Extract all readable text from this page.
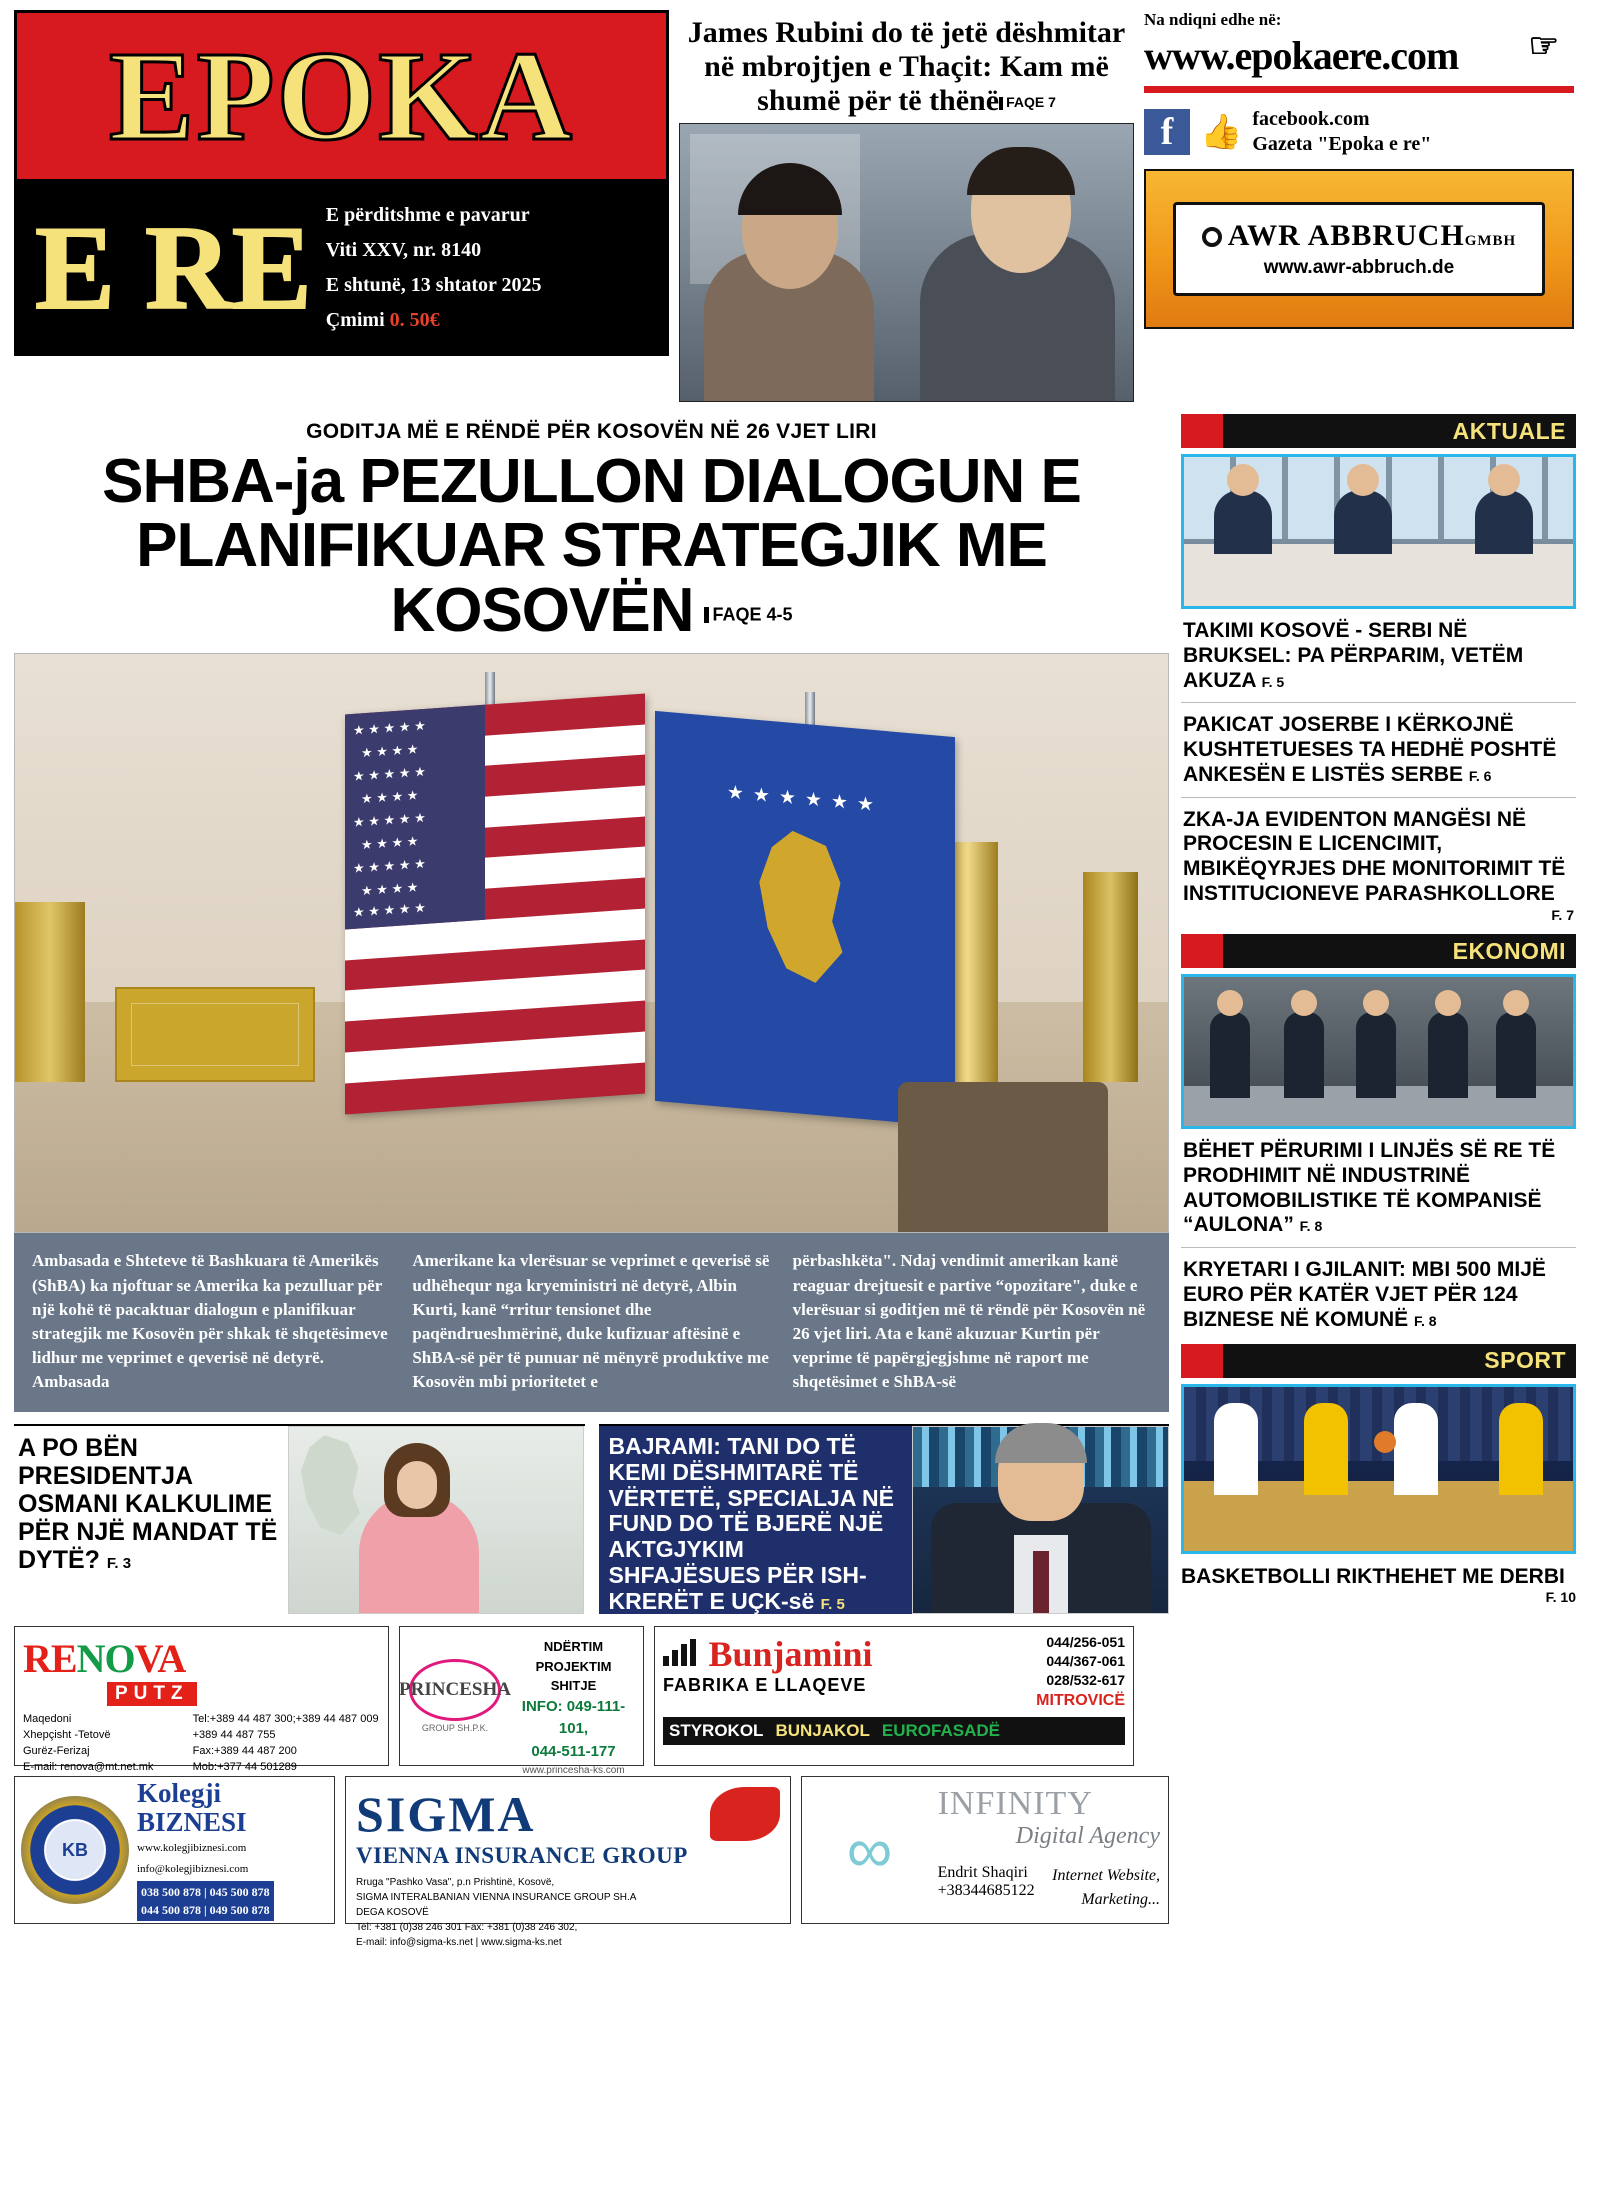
EPOKA
E RE E përditshme e pavarur
Viti XXV, nr. 8140
E shtunë, 13 shtator 2025
Çmimi 0. 50€
James Rubini do të jetë dëshmitar në mbrojtjen e Thaçit: Kam më shumë për të thënë FAQE 7
Na ndiqni edhe në:
www.epokaere.com ☞
f 👍 facebook.com
Gazeta "Epoka e re"
AWR ABBRUCHGMBH
www.awr-abbruch.de
GODITJA MË E RËNDË PËR KOSOVËN NË 26 VJET LIRI
SHBA-ja PEZULLON DIALOGUN E PLANIFIKUAR STRATEGJIK ME KOSOVËN FAQE 4-5
★ ★ ★ ★ ★
★ ★ ★ ★
★ ★ ★ ★ ★
★ ★ ★ ★
★ ★ ★ ★ ★
★ ★ ★ ★
★ ★ ★ ★ ★
★ ★ ★ ★
★ ★ ★ ★ ★
★★★★★★
Ambasada e Shteteve të Bashkuara të Amerikës (ShBA) ka njoftuar se Amerika ka pezulluar për një kohë të pacaktuar dialogun e planifikuar strategjik me Kosovën për shkak të shqetësimeve lidhur me veprimet e qeverisë në detyrë. Ambasada
Amerikane ka vlerësuar se veprimet e qeverisë së udhëhequr nga kryeministri në detyrë, Albin Kurti, kanë “rritur tensionet dhe paqëndrueshmërinë, duke kufizuar aftësinë e ShBA-së për të punuar në mënyrë produktive me Kosovën mbi prioritetet e
përbashkëta". Ndaj vendimit amerikan kanë reaguar drejtuesit e partive “opozitare", duke e vlerësuar si goditjen më të rëndë për Kosovën në 26 vjet liri. Ata e kanë akuzuar Kurtin për veprime të papërgjegjshme në raport me shqetësimet e ShBA-së
A PO BËN PRESIDENTJA OSMANI KALKULIME PËR NJË MANDAT TË DYTË? F. 3
BAJRAMI: TANI DO TË KEMI DËSHMITARË TË VËRTETË, SPECIALJA NË FUND DO TË BJERË NJË AKTGJYKIM SHFAJËSUES PËR ISH-KRERËT E UÇK-së F. 5
RENOVA
PUTZ
Maqedoni
Xhepçisht -Tetovë
Gurëz-Ferizaj
E-mail: renova@mt.net.mk
Tel:+389 44 487 300;+389 44 487 009
+389 44 487 755
Fax:+389 44 487 200
Mob:+377 44 501289
PRINCESHA
GROUP SH.P.K.
NDËRTIM
PROJEKTIM
SHITJE
INFO: 049-111-101,
044-511-177
www.princesha-ks.com
Bunjamini
FABRIKA E LLAQEVE
044/256-051
044/367-061
028/532-617
MITROVICË
STYROKOL BUNJAKOL EUROFASADË
KB
Kolegji
BIZNESI
www.kolegjibiznesi.com
info@kolegjibiznesi.com
038 500 878 | 045 500 878
044 500 878 | 049 500 878
SIGMA
VIENNA INSURANCE GROUP
Rruga "Pashko Vasa", p.n Prishtinë, Kosovë,
SIGMA INTERALBANIAN VIENNA INSURANCE GROUP SH.A
DEGA KOSOVË
Tel: +381 (0)38 246 301 Fax: +381 (0)38 246 302,
E-mail: info@sigma-ks.net | www.sigma-ks.net
∞
INFINITY
Digital Agency
Endrit Shaqiri
+38344685122
Internet Website,
Marketing...
AKTUALE
TAKIMI KOSOVË - SERBI NË BRUKSEL: PA PËRPARIM, VETËM AKUZA F. 5
PAKICAT JOSERBE I KËRKOJNË KUSHTETUESES TA HEDHË POSHTË ANKESËN E LISTËS SERBE F. 6
ZKA-JA EVIDENTON MANGËSI NË PROCESIN E LICENCIMIT, MBIKËQYRJES DHE MONITORIMIT TË INSTITUCIONEVE PARASHKOLLORE
F. 7
EKONOMI
BËHET PËRURIMI I LINJËS SË RE TË PRODHIMIT NË INDUSTRINË AUTOMOBILISTIKE TË KOMPANISË “AULONA” F. 8
KRYETARI I GJILANIT: MBI 500 MIJË EURO PËR KATËR VJET PËR 124 BIZNESE NË KOMUNË F. 8
SPORT
BASKETBOLLI RIKTHEHET ME DERBI
F. 10
